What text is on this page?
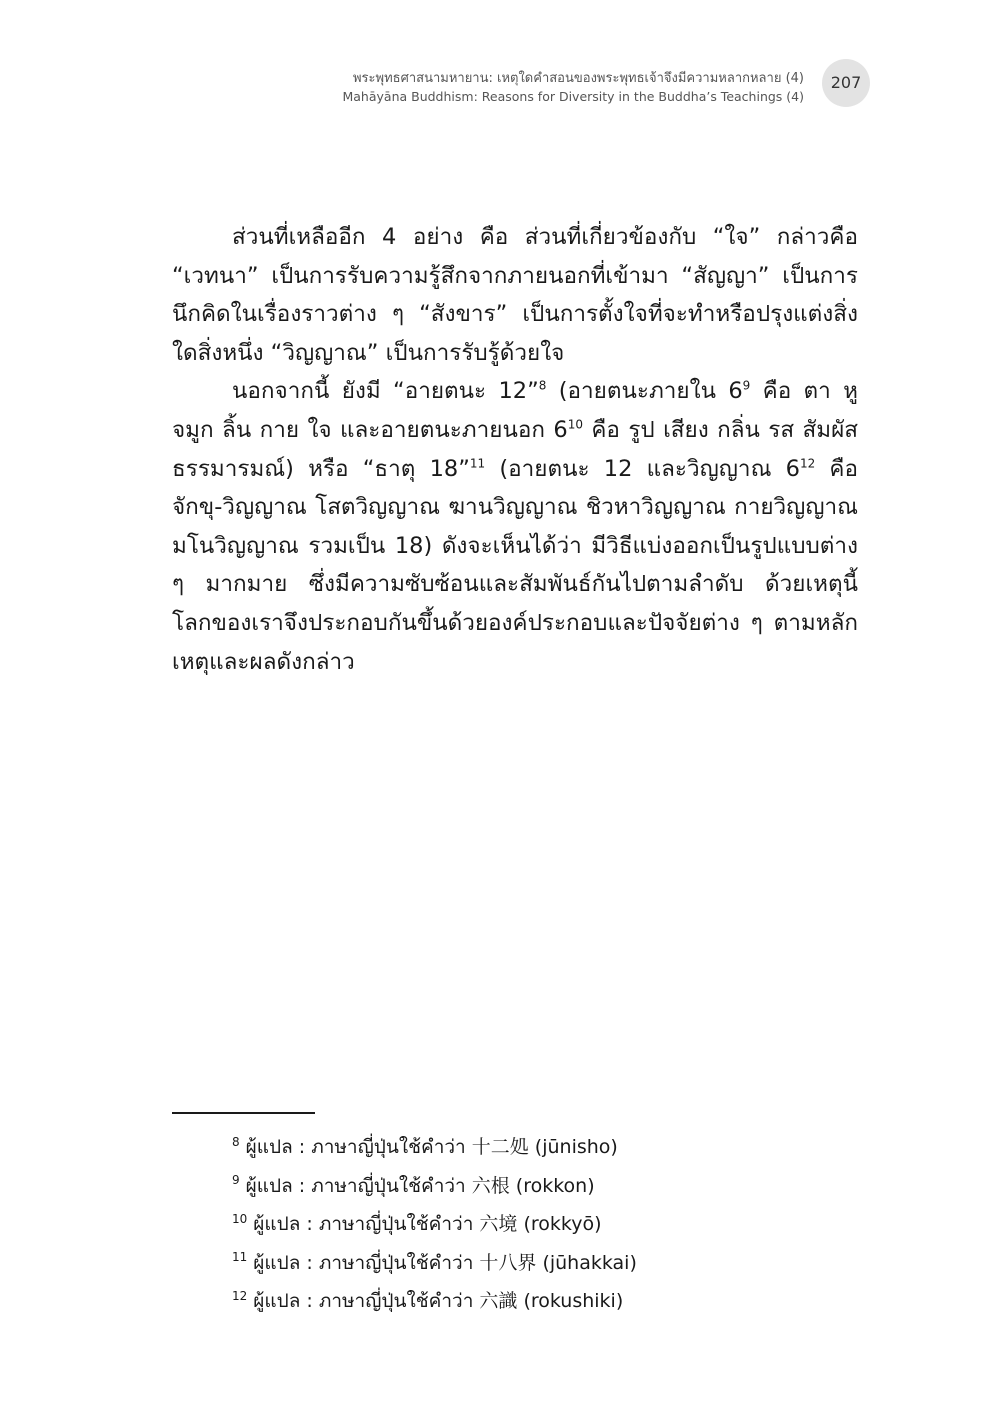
พระพุทธศาสนามหายาน: เหตุใดคำสอนของพระพุทธเจ้าจึงมีความหลากหลาย (4)
Mahāyāna Buddhism: Reasons for Diversity in the Buddha’s Teachings (4)
207

ส่วนที่เหลืออีก 4 อย่าง คือ ส่วนที่เกี่ยวข้องกับ “ใจ” กล่าวคือ “เวทนา” เป็นการรับความรู้สึกจากภายนอกที่เข้ามา “สัญญา” เป็นการนึกคิดในเรื่องราวต่าง ๆ “สังขาร” เป็นการตั้งใจที่จะทำหรือปรุงแต่งสิ่งใดสิ่งหนึ่ง “วิญญาณ” เป็นการรับรู้ด้วยใจ

นอกจากนี้ ยังมี “อายตนะ 12”$^8$ (อายตนะภายใน 6$^9$ คือ ตา หู จมูก ลิ้น กาย ใจ และอายตนะภายนอก 6$^{10}$ คือ รูป เสียง กลิ่น รส สัมผัส ธรรมารมณ์) หรือ “ธาตุ 18”$^{11}$ (อายตนะ 12 และวิญญาณ 6$^{12}$ คือ จักขุ-วิญญาณ โสตวิญญาณ ฆานวิญญาณ ชิวหาวิญญาณ กายวิญญาณ มโนวิญญาณ รวมเป็น 18) ดังจะเห็นได้ว่า มีวิธีแบ่งออกเป็นรูปแบบต่าง ๆ มากมาย ซึ่งมีความซับซ้อนและสัมพันธ์กันไปตามลำดับ ด้วยเหตุนี้ โลกของเราจึงประกอบกันขึ้นด้วยองค์ประกอบและปัจจัยต่าง ๆ ตามหลักเหตุและผลดังกล่าว

$^8$ ผู้แปล : ภาษาญี่ปุ่นใช้คำว่า 十二処 (jūnisho)
$^9$ ผู้แปล : ภาษาญี่ปุ่นใช้คำว่า 六根 (rokkon)
$^{10}$ ผู้แปล : ภาษาญี่ปุ่นใช้คำว่า 六境 (rokkyō)
$^{11}$ ผู้แปล : ภาษาญี่ปุ่นใช้คำว่า 十八界 (jūhakkai)
$^{12}$ ผู้แปล : ภาษาญี่ปุ่นใช้คำว่า 六識 (rokushiki)
